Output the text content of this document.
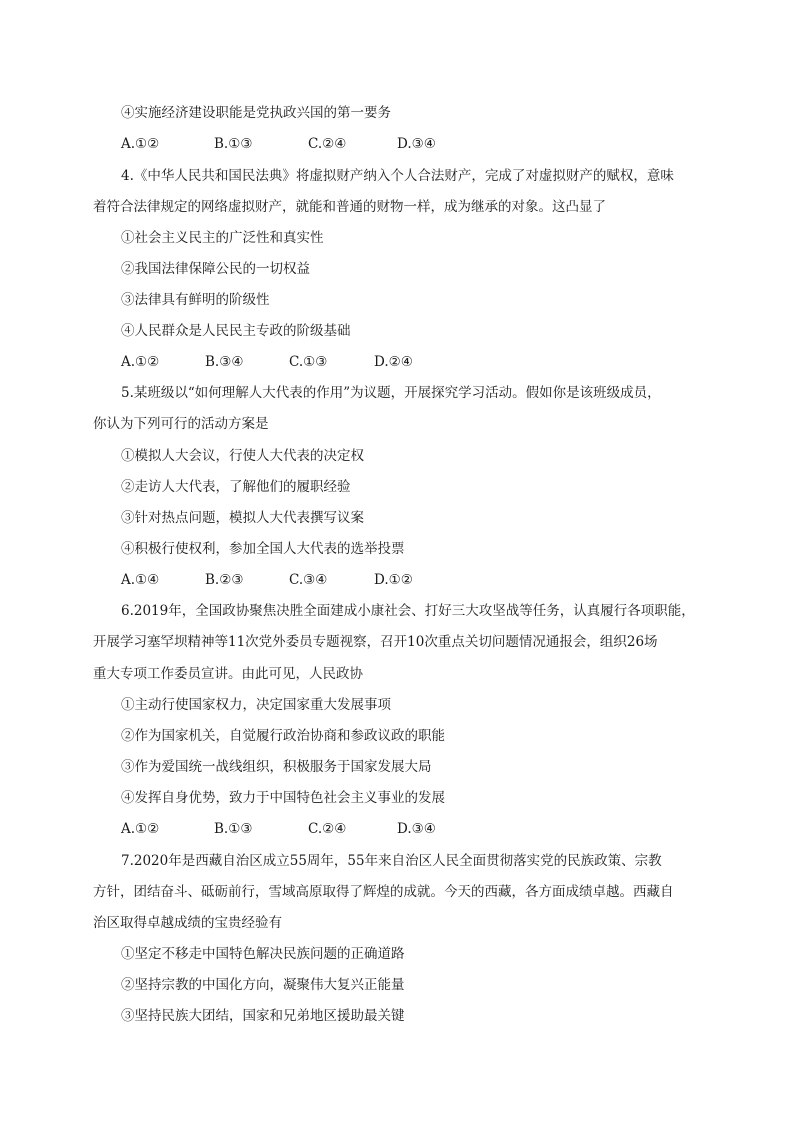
④实施经济建设职能是党执政兴国的第一要务
A.①②	B.①③	C.②④	D.③④
4.《中华人民共和国民法典》将虚拟财产纳入个人合法财产，完成了对虚拟财产的赋权，意味
着符合法律规定的网络虚拟财产，就能和普通的财物一样，成为继承的对象。这凸显了
①社会主义民主的广泛性和真实性
②我国法律保障公民的一切权益
③法律具有鲜明的阶级性
④人民群众是人民民主专政的阶级基础
A.①②	B.③④	C.①③	D.②④
5.某班级以“如何理解人大代表的作用”为议题，开展探究学习活动。假如你是该班级成员，
你认为下列可行的活动方案是
①模拟人大会议，行使人大代表的决定权
②走访人大代表，了解他们的履职经验
③针对热点问题，模拟人大代表撰写议案
④积极行使权利，参加全国人大代表的选举投票
A.①④	B.②③	C.③④	D.①②
6.2019年，全国政协聚焦决胜全面建成小康社会、打好三大攻坚战等任务，认真履行各项职能，
开展学习塞罕坝精神等11次党外委员专题视察，召开10次重点关切问题情况通报会，组织26场
重大专项工作委员宣讲。由此可见，人民政协
①主动行使国家权力，决定国家重大发展事项
②作为国家机关，自觉履行政治协商和参政议政的职能
③作为爱国统一战线组织，积极服务于国家发展大局
④发挥自身优势，致力于中国特色社会主义事业的发展
A.①②	B.①③	C.②④	D.③④
7.2020年是西藏自治区成立55周年，55年来自治区人民全面贯彻落实党的民族政策、宗教
方针，团结奋斗、砥砺前行，雪域高原取得了辉煌的成就。今天的西藏，各方面成绩卓越。西藏自
治区取得卓越成绩的宝贵经验有
①坚定不移走中国特色解决民族问题的正确道路
②坚持宗教的中国化方向，凝聚伟大复兴正能量
③坚持民族大团结，国家和兄弟地区援助最关键
